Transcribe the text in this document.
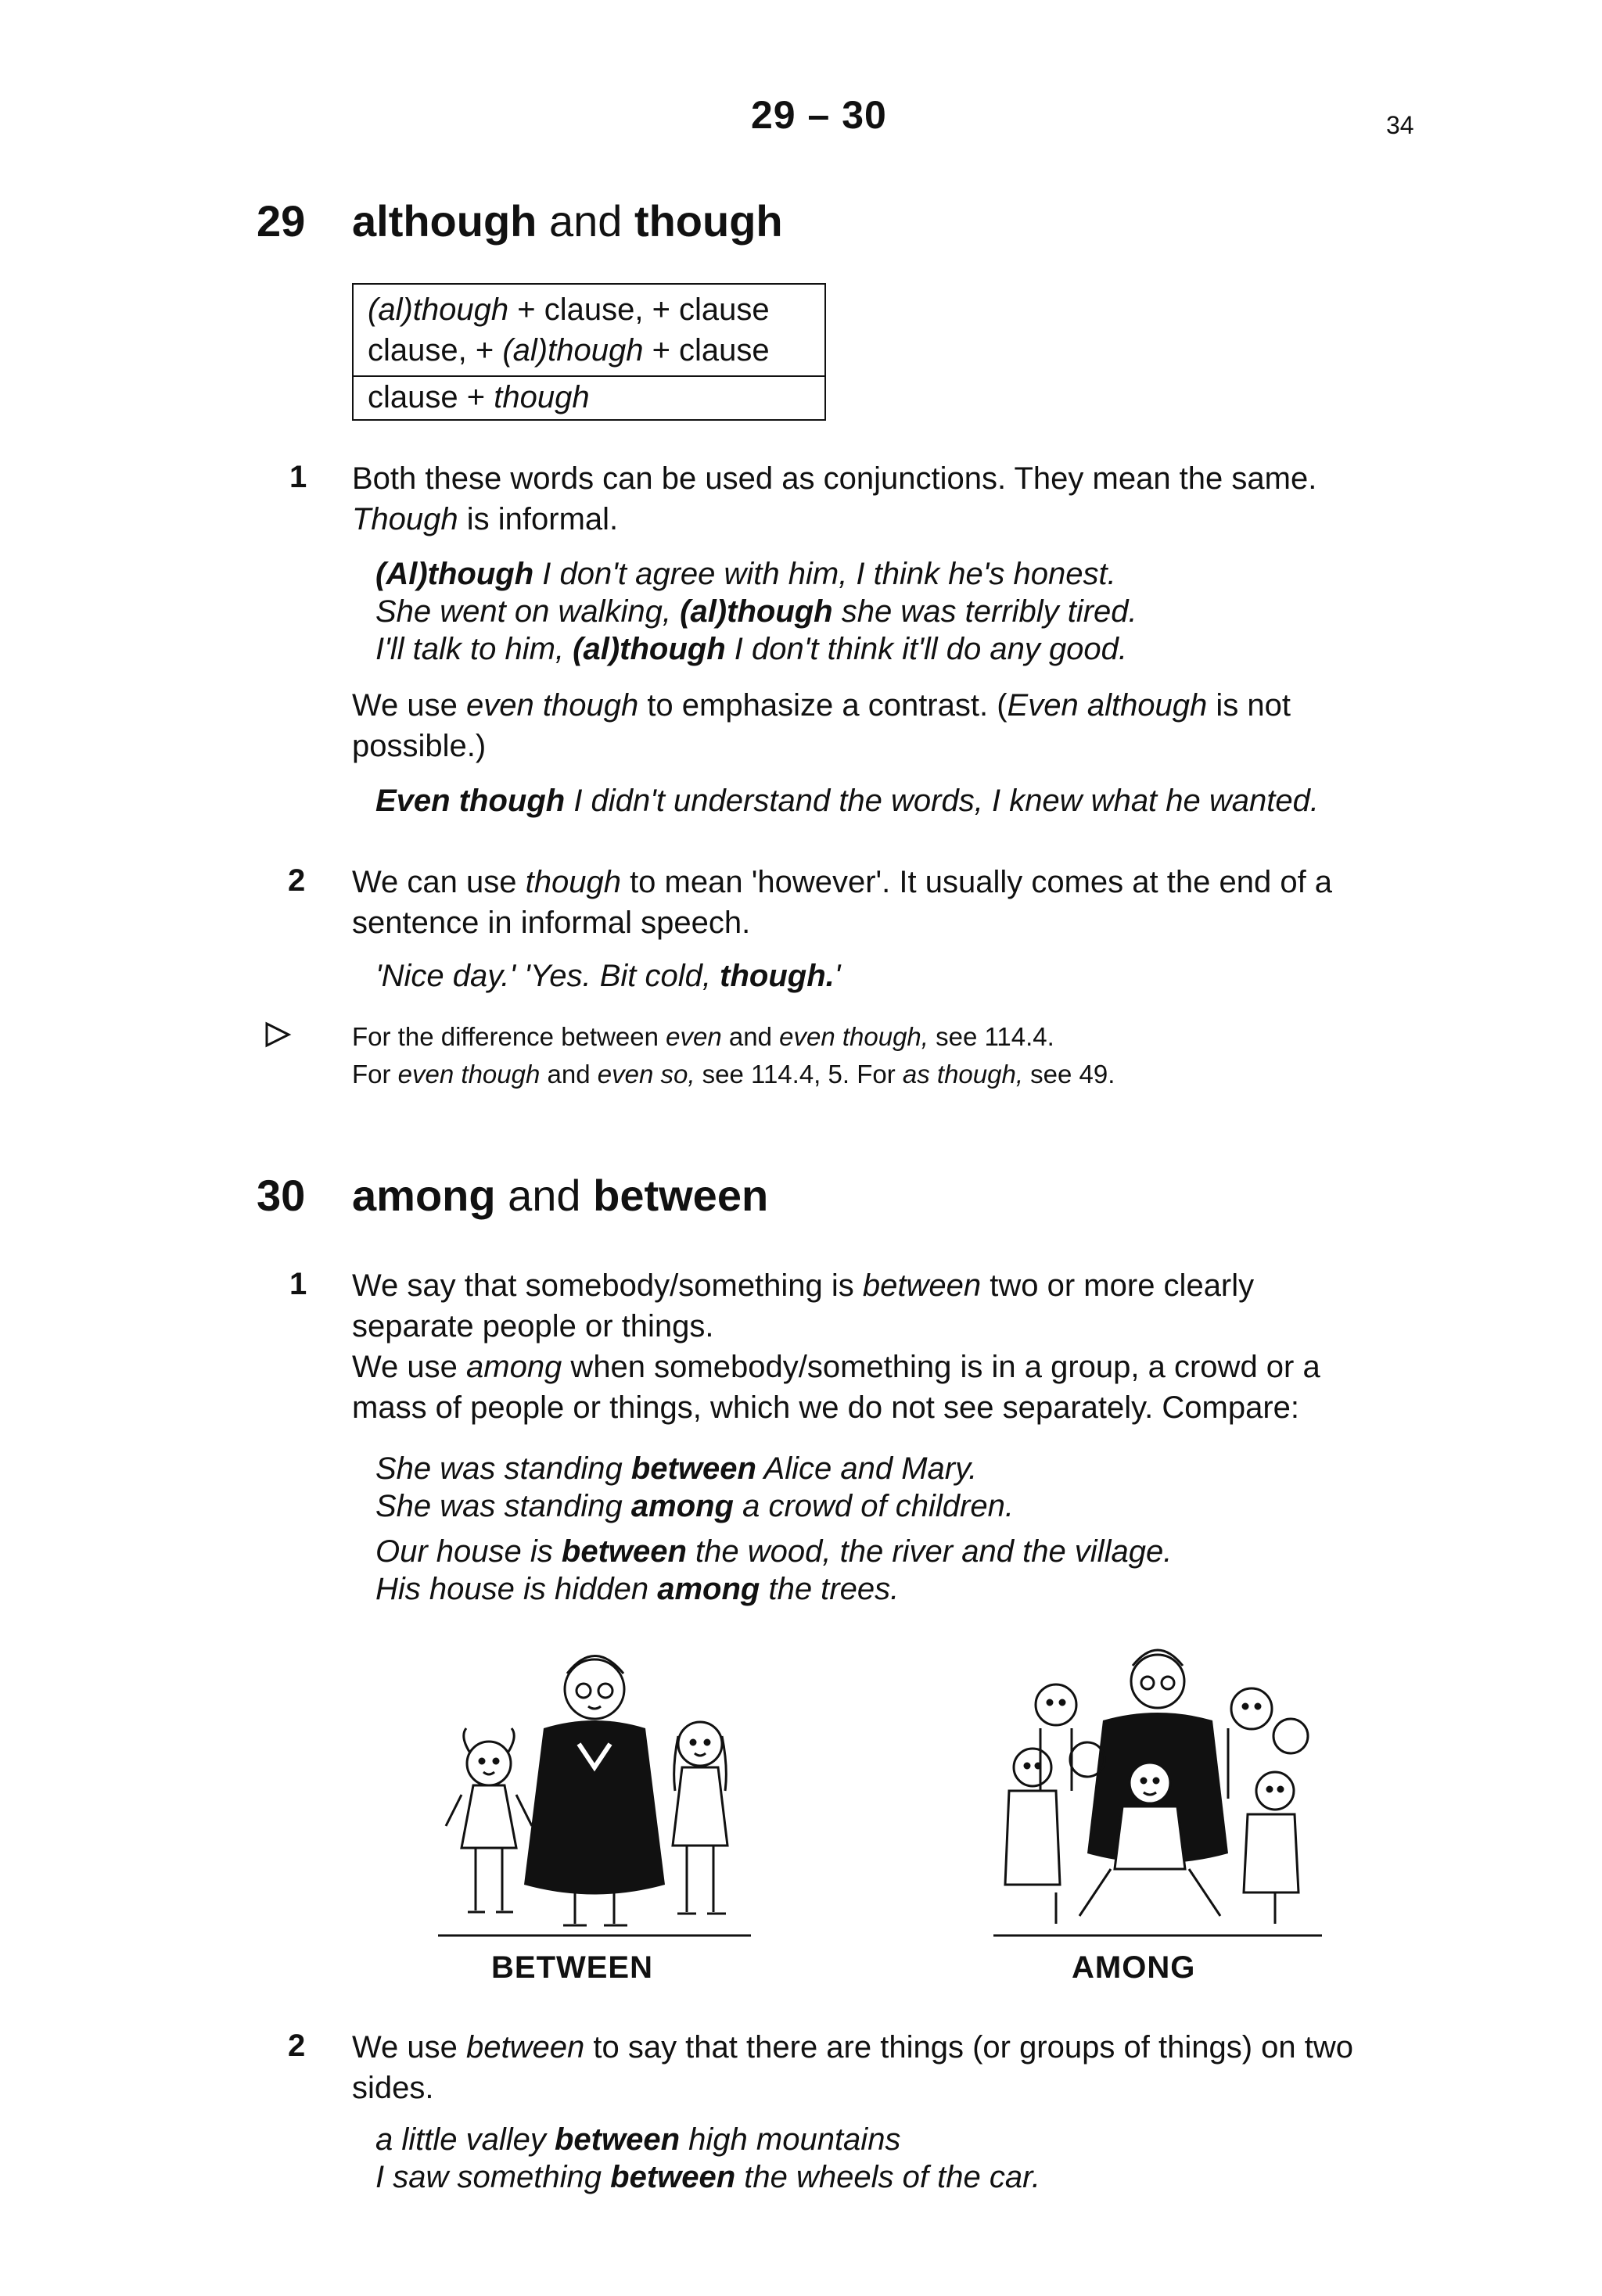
29 – 30	34
29 although and though
(al)though + clause, + clause
clause, + (al)though + clause
clause + though
1 Both these words can be used as conjunctions. They mean the same.
Though is informal.
(Al)though I don't agree with him, I think he's honest.
She went on walking, (al)though she was terribly tired.
I'll talk to him, (al)though I don't think it'll do any good.
We use even though to emphasize a contrast. (Even although is not
possible.)
Even though I didn't understand the words, I knew what he wanted.
2 We can use though to mean 'however'. It usually comes at the end of a
sentence in informal speech.
'Nice day.' 'Yes. Bit cold, though.'
For the difference between even and even though, see 114.4.
For even though and even so, see 114.4, 5. For as though, see 49.
30 among and between
1 We say that somebody/something is between two or more clearly
separate people or things.
We use among when somebody/something is in a group, a crowd or a
mass of people or things, which we do not see separately. Compare:
She was standing between Alice and Mary.
She was standing among a crowd of children.
Our house is between the wood, the river and the village.
His house is hidden among the trees.
BETWEEN	AMONG
2 We use between to say that there are things (or groups of things) on two
sides.
a little valley between high mountains
I saw something between the wheels of the car.
